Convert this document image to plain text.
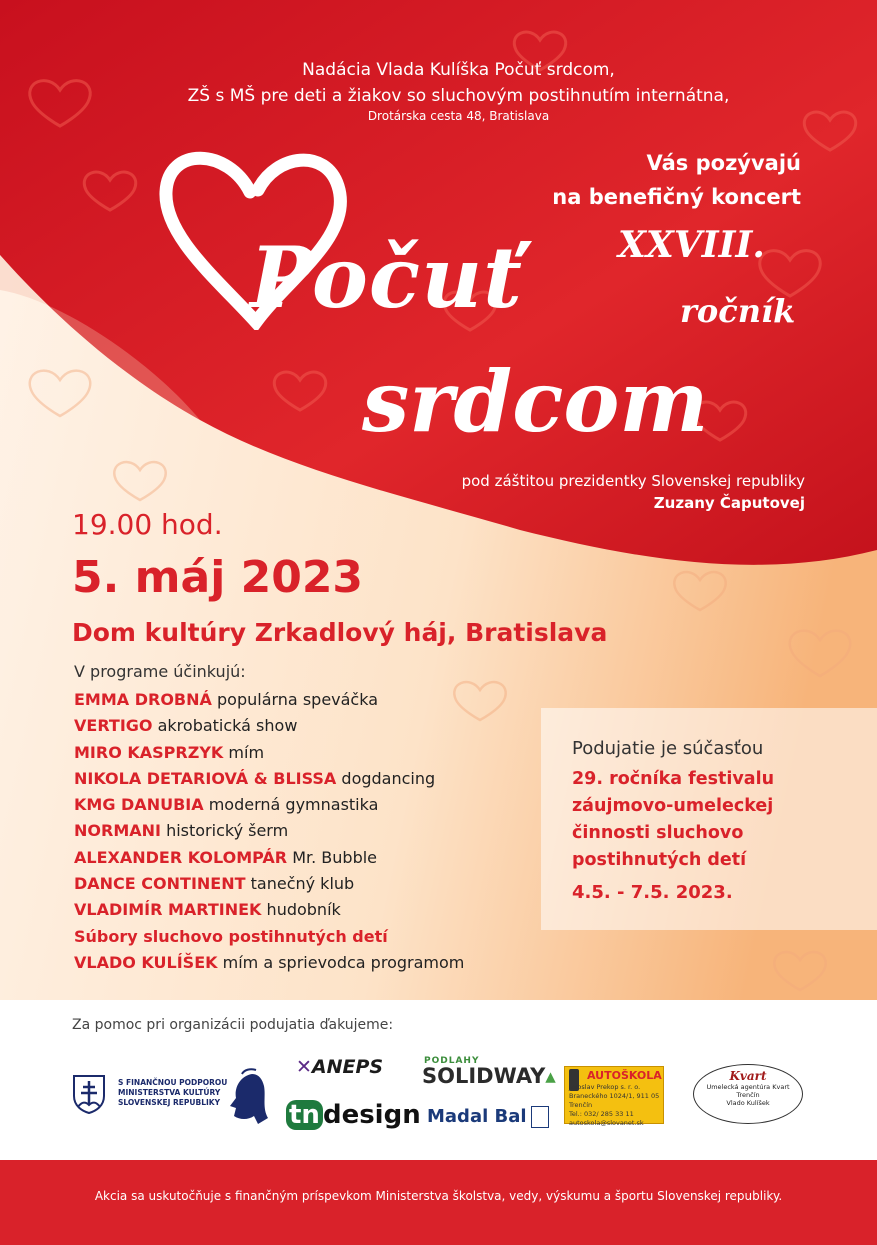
Nadácia Vlada Kulíška Počuť srdcom,
ZŠ s MŠ pre deti a žiakov so sluchovým postihnutím internátna,
Drotárska cesta 48, Bratislava
Vás pozývajú
na benefičný koncert
Počuť
srdcom
XXVIII.
ročník
pod záštitou prezidentky Slovenskej republiky
Zuzany Čaputovej
19.00 hod.
5. máj 2023
Dom kultúry Zrkadlový háj, Bratislava
V programe účinkujú:
EMMA DROBNÁ populárna speváčka
VERTIGO akrobatická show
MIRO KASPRZYK mím
NIKOLA DETARIOVÁ & BLISSA dogdancing
KMG DANUBIA moderná gymnastika
NORMANI historický šerm
ALEXANDER KOLOMPÁR Mr. Bubble
DANCE CONTINENT tanečný klub
VLADIMÍR MARTINEK hudobník
Súbory sluchovo postihnutých detí
VLADO KULÍŠEK mím a sprievodca programom
Podujatie je súčasťou
29. ročníka festivalu
záujmovo-umeleckej
činnosti sluchovo
postihnutých detí
4.5. - 7.5. 2023.
Za pomoc pri organizácii podujatia ďakujeme:
S FINANČNOU PODPOROU
MINISTERSTVA KULTÚRY
SLOVENSKEJ REPUBLIKY
✕ANEPS
tn design
PODLAHY
SOLIDWAY▴
Madal Bal
AUTOŠKOLA
Jaroslav Prekop s. r. o.
Braneckého 1024/1, 911 05 Trenčín
Tel.: 032/ 285 33 11
autoskola@slovanet.sk
Kvart
Umelecká agentúra Kvart
Trenčín
Vlado Kulíšek
Akcia sa uskutočňuje s finančným príspevkom Ministerstva školstva, vedy, výskumu a športu Slovenskej republiky.
